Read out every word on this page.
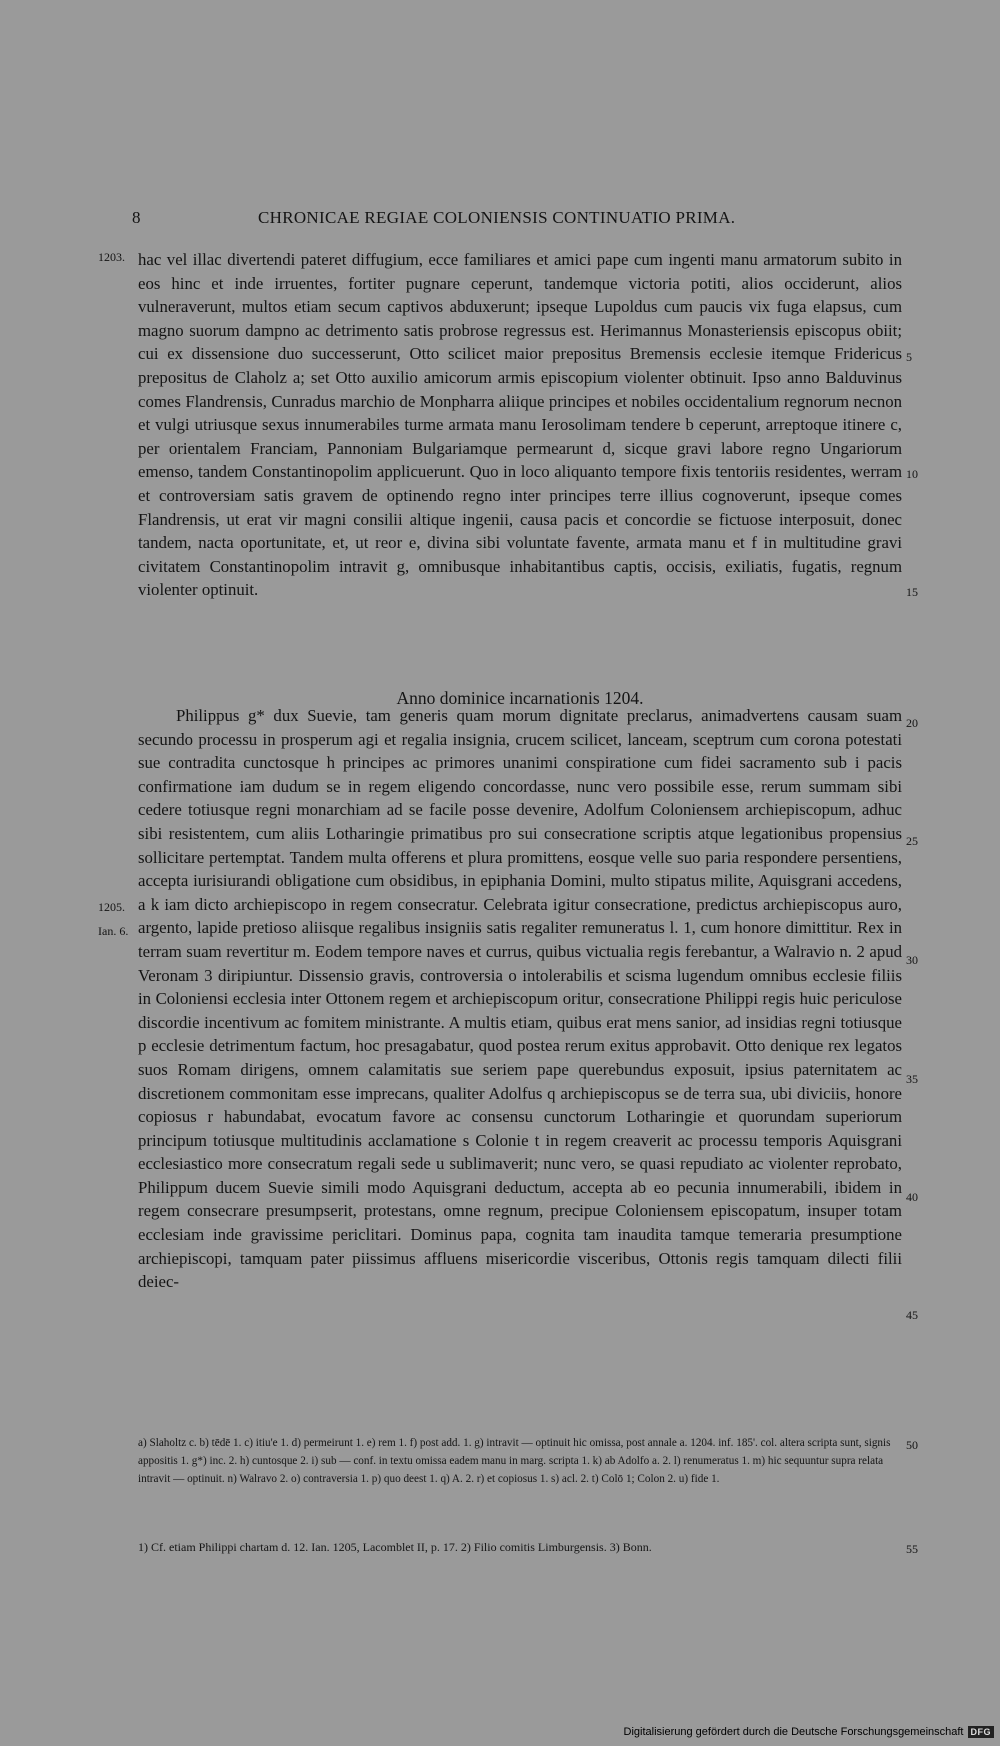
8	CHRONICAE REGIAE COLONIENSIS CONTINUATIO PRIMA.

hac vel illac divertendi pateret diffugium, ecce familiares et amici pape cum ingenti manu armatorum subito in eos hinc et inde irruentes, fortiter pugnare ceperunt, tandemque victoria potiti, alios occiderunt, alios vulneraverunt, multos etiam secum captivos abduxerunt; ipseque Lupoldus cum paucis vix fuga elapsus, cum magno suorum dampno ac detrimento satis probrose regressus est. Herimannus Monasteriensis episcopus obiit; cui ex dissensione duo successerunt, Otto scilicet maior prepositus Bremensis ecclesie itemque Fridericus prepositus de Claholz a; set Otto auxilio amicorum armis episcopium violenter obtinuit. Ipso anno Balduvinus comes Flandrensis, Cunradus marchio de Monpharra aliique principes et nobiles occidentalium regnorum necnon et vulgi utriusque sexus innumerabiles turme armata manu Ierosolimam tendere b ceperunt, arreptoque itinere c, per orientalem Franciam, Pannoniam Bulgariamque permearunt d, sicque gravi labore regno Ungariorum emenso, tandem Constantinopolim applicuerunt. Quo in loco aliquanto tempore fixis tentoriis residentes, werram et controversiam satis gravem de optinendo regno inter principes terre illius cognoverunt, ipseque comes Flandrensis, ut erat vir magni consilii altique ingenii, causa pacis et concordie se fictuose interposuit, donec tandem, nacta oportunitate, et, ut reor e, divina sibi voluntate favente, armata manu et f in multitudine gravi civitatem Constantinopolim intravit g, omnibusque inhabitantibus captis, occisis, exiliatis, fugatis, regnum violenter optinuit.

Anno dominice incarnationis 1204.

Philippus g* dux Suevie, tam generis quam morum dignitate preclarus, animadvertens causam suam secundo processu in prosperum agi et regalia insignia, crucem scilicet, lanceam, sceptrum cum corona potestati sue contradita cunctosque h principes ac primores unanimi conspiratione cum fidei sacramento sub i pacis confirmatione iam dudum se in regem eligendo concordasse, nunc vero possibile esse, rerum summam sibi cedere totiusque regni monarchiam ad se facile posse devenire, Adolfum Coloniensem archiepiscopum, adhuc sibi resistentem, cum aliis Lotharingie primatibus pro sui consecratione scriptis atque legationibus propensius sollicitare pertemptat. Tandem multa offerens et plura promittens, eosque velle suo paria respondere persentiens, accepta iurisiurandi obligatione cum obsidibus, in epiphania Domini, multo stipatus milite, Aquisgrani accedens, a k iam dicto archiepiscopo in regem consecratur. Celebrata igitur consecratione, predictus archiepiscopus auro, argento, lapide pretioso aliisque regalibus insigniis satis regaliter remuneratus l. 1, cum honore dimittitur. Rex in terram suam revertitur m. Eodem tempore naves et currus, quibus victualia regis ferebantur, a Walravio n. 2 apud Veronam 3 diripiuntur. Dissensio gravis, controversia o intolerabilis et scisma lugendum omnibus ecclesie filiis in Coloniensi ecclesia inter Ottonem regem et archiepiscopum oritur, consecratione Philippi regis huic periculose discordie incentivum ac fomitem ministrante. A multis etiam, quibus erat mens sanior, ad insidias regni totiusque p ecclesie detrimentum factum, hoc presagabatur, quod postea rerum exitus approbavit. Otto denique rex legatos suos Romam dirigens, omnem calamitatis sue seriem pape querebundus exposuit, ipsius paternitatem ac discretionem commonitam esse imprecans, qualiter Adolfus q archiepiscopus se de terra sua, ubi diviciis, honore copiosus r habundabat, evocatum favore ac consensu cunctorum Lotharingie et quorundam superiorum principum totiusque multitudinis acclamatione s Colonie t in regem creaverit ac processu temporis Aquisgrani ecclesiastico more consecratum regali sede u sublimaverit; nunc vero, se quasi repudiato ac violenter reprobato, Philippum ducem Suevie simili modo Aquisgrani deductum, accepta ab eo pecunia innumerabili, ibidem in regem consecrare presumpserit, protestans, omne regnum, precipue Coloniensem episcopatum, insuper totam ecclesiam inde gravissime periclitari. Dominus papa, cognita tam inaudita tamque temeraria presumptione archiepiscopi, tamquam pater piissimus affluens misericordie visceribus, Ottonis regis tamquam dilecti filii deiec-

a) Slaholtz c. b) tēdē 1. c) itiu'e 1. d) permeirunt 1. e) rem 1. f) post add. 1. g) intravit — optinuit hic omissa, post annale a. 1204. inf. 185'. col. altera scripta sunt, signis appositis 1. g*) inc. 2. h) cuntosque 2. i) sub — conf. in textu omissa eadem manu in marg. scripta 1. k) ab Adolfo a. 2. l) renumeratus 1. m) hic sequuntur supra relata intravit — optinuit. n) Walravo 2. o) contraversia 1. p) quo deest 1. q) A. 2. r) et copiosus 1. s) acl. 2. t) Colō 1; Colon 2. u) fide 1.

1) Cf. etiam Philippi chartam d. 12. Ian. 1205, Lacomblet II, p. 17. 2) Filio comitis Limburgensis. 3) Bonn.

Digitalisierung gefördert durch die Deutsche Forschungsgemeinschaft DFG
1203.
1205.
Ian. 6.
5
10
15
20
25
30
35
40
45
50
55
